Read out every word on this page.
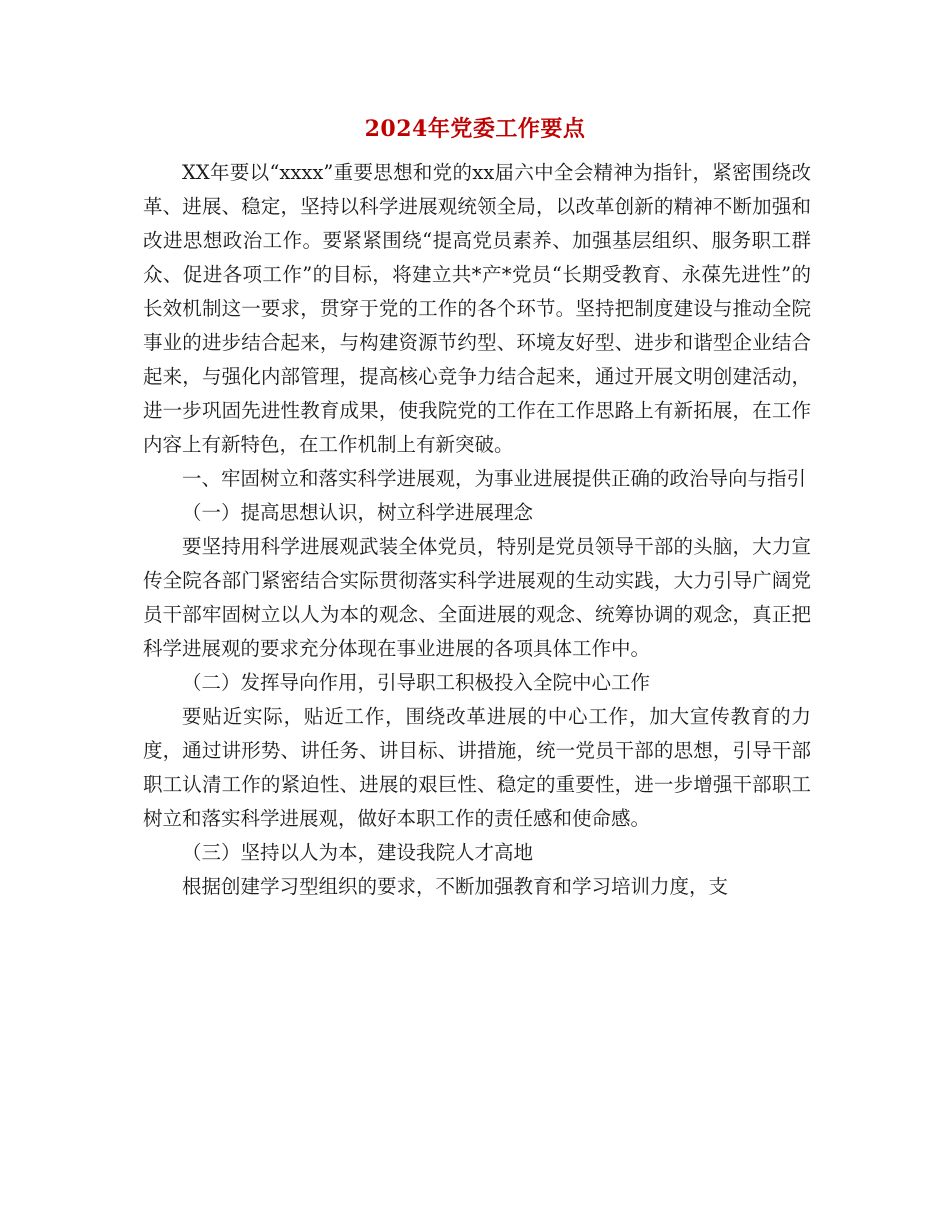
2024年党委工作要点

XX年要以“xxxx”重要思想和党的xx届六中全会精神为指针，紧密围绕改革、进展、稳定，坚持以科学进展观统领全局，以改革创新的精神不断加强和改进思想政治工作。要紧紧围绕“提高党员素养、加强基层组织、服务职工群众、促进各项工作”的目标，将建立共*产*党员“长期受教育、永葆先进性”的长效机制这一要求，贯穿于党的工作的各个环节。坚持把制度建设与推动全院事业的进步结合起来，与构建资源节约型、环境友好型、进步和谐型企业结合起来，与强化内部管理，提高核心竞争力结合起来，通过开展文明创建活动，进一步巩固先进性教育成果，使我院党的工作在工作思路上有新拓展，在工作内容上有新特色，在工作机制上有新突破。

一、牢固树立和落实科学进展观，为事业进展提供正确的政治导向与指引

（一）提高思想认识，树立科学进展理念

要坚持用科学进展观武装全体党员，特别是党员领导干部的头脑，大力宣传全院各部门紧密结合实际贯彻落实科学进展观的生动实践，大力引导广阔党员干部牢固树立以人为本的观念、全面进展的观念、统筹协调的观念，真正把科学进展观的要求充分体现在事业进展的各项具体工作中。

（二）发挥导向作用，引导职工积极投入全院中心工作

要贴近实际，贴近工作，围绕改革进展的中心工作，加大宣传教育的力度，通过讲形势、讲任务、讲目标、讲措施，统一党员干部的思想，引导干部职工认清工作的紧迫性、进展的艰巨性、稳定的重要性，进一步增强干部职工树立和落实科学进展观，做好本职工作的责任感和使命感。

（三）坚持以人为本，建设我院人才高地

根据创建学习型组织的要求，不断加强教育和学习培训力度，支
